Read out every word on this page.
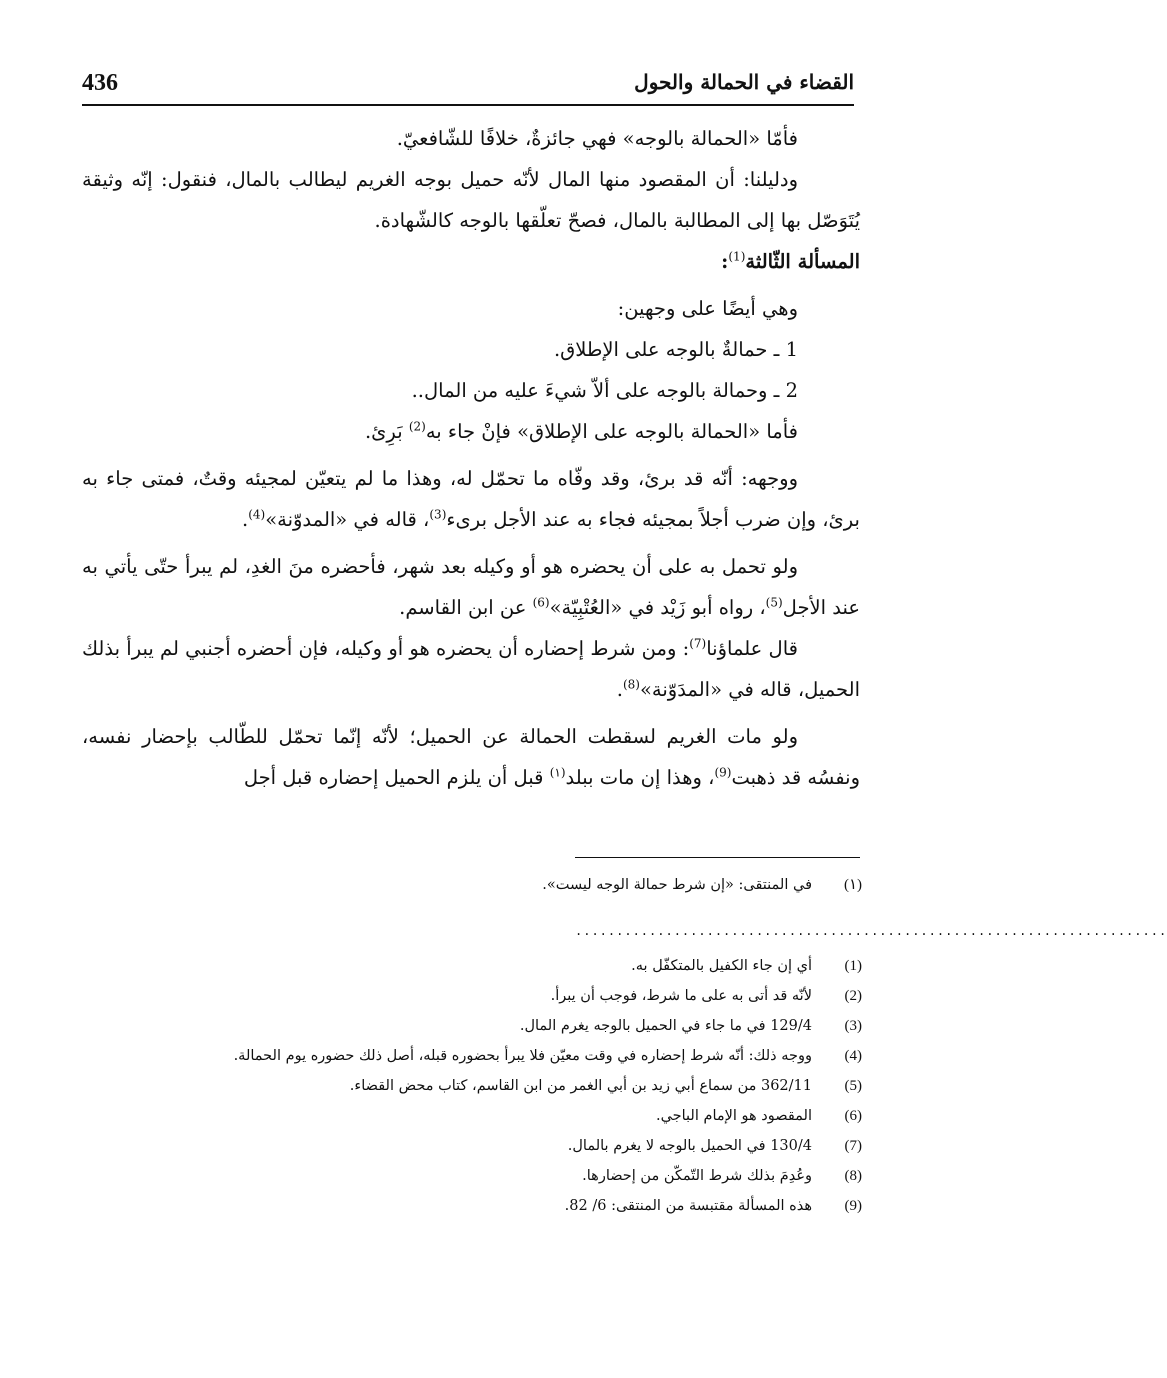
436	القضاء في الحمالة والحول

فأمّا «الحمالة بالوجه» فهي جائزةٌ، خلافًا للشّافعيّ.

ودليلنا: أن المقصود منها المال لأنّه حميل بوجه الغريم ليطالب بالمال، فنقول: إنّه وثيقة يُتَوَصّل بها إلى المطالبة بالمال، فصحّ تعلّقها بالوجه كالشّهادة.

المسألة الثّالثة$^{(1)}$:

وهي أيضًا على وجهين:

1 ـ حمالةٌ بالوجه على الإطلاق.

2 ـ وحمالة بالوجه على ألاّ شيءَ عليه من المال..

فأما «الحمالة بالوجه على الإطلاق» فإنْ جاء به$^{(2)}$ بَرِئ.

ووجهه: أنّه قد برئ، وقد وفّاه ما تحمّل له، وهذا ما لم يتعيّن لمجيئه وقتٌ، فمتى جاء به برئ، وإن ضرب أجلاً بمجيئه فجاء به عند الأجل برىء$^{(3)}$، قاله في «المدوّنة»$^{(4)}$.

ولو تحمل به على أن يحضره هو أو وكيله بعد شهر، فأحضره منَ الغدِ، لم يبرأ حتّى يأتي به عند الأجل$^{(5)}$، رواه أبو زَيْد في «العُتْبِيّة»$^{(6)}$ عن ابن القاسم.

قال علماؤنا$^{(7)}$: ومن شرط إحضاره أن يحضره هو أو وكيله، فإن أحضره أجنبي لم يبرأ بذلك الحميل، قاله في «المدَوّنة»$^{(8)}$.

ولو مات الغريم لسقطت الحمالة عن الحميل؛ لأنّه إنّما تحمّل للطّالب بإحضار نفسه، ونفسُه قد ذهبت$^{(9)}$، وهذا إن مات ببلد$^{(١)}$ قبل أن يلزم الحميل إحضاره قبل أجل

(١)
في المنتقى: «إن شرط حمالة الوجه ليست».
........................................................................
(1)
أي إن جاء الكفيل بالمتكفّل به.
(2)
لأنّه قد أتى به على ما شرط، فوجب أن يبرأ.
(3)
129/4 في ما جاء في الحميل بالوجه يغرم المال.
(4)
ووجه ذلك: أنّه شرط إحضاره في وقت معيّن فلا يبرأ بحضوره قبله، أصل ذلك حضوره يوم الحمالة.
(5)
362/11 من سماع أبي زيد بن أبي الغمر من ابن القاسم، كتاب محض القضاء.
(6)
المقصود هو الإمام الباجي.
(7)
130/4 في الحميل بالوجه لا يغرم بالمال.
(8)
وعُدِمَ بذلك شرط التّمكّن من إحضارها.
(9)
هذه المسألة مقتبسة من المنتقى: 6/ 82.
